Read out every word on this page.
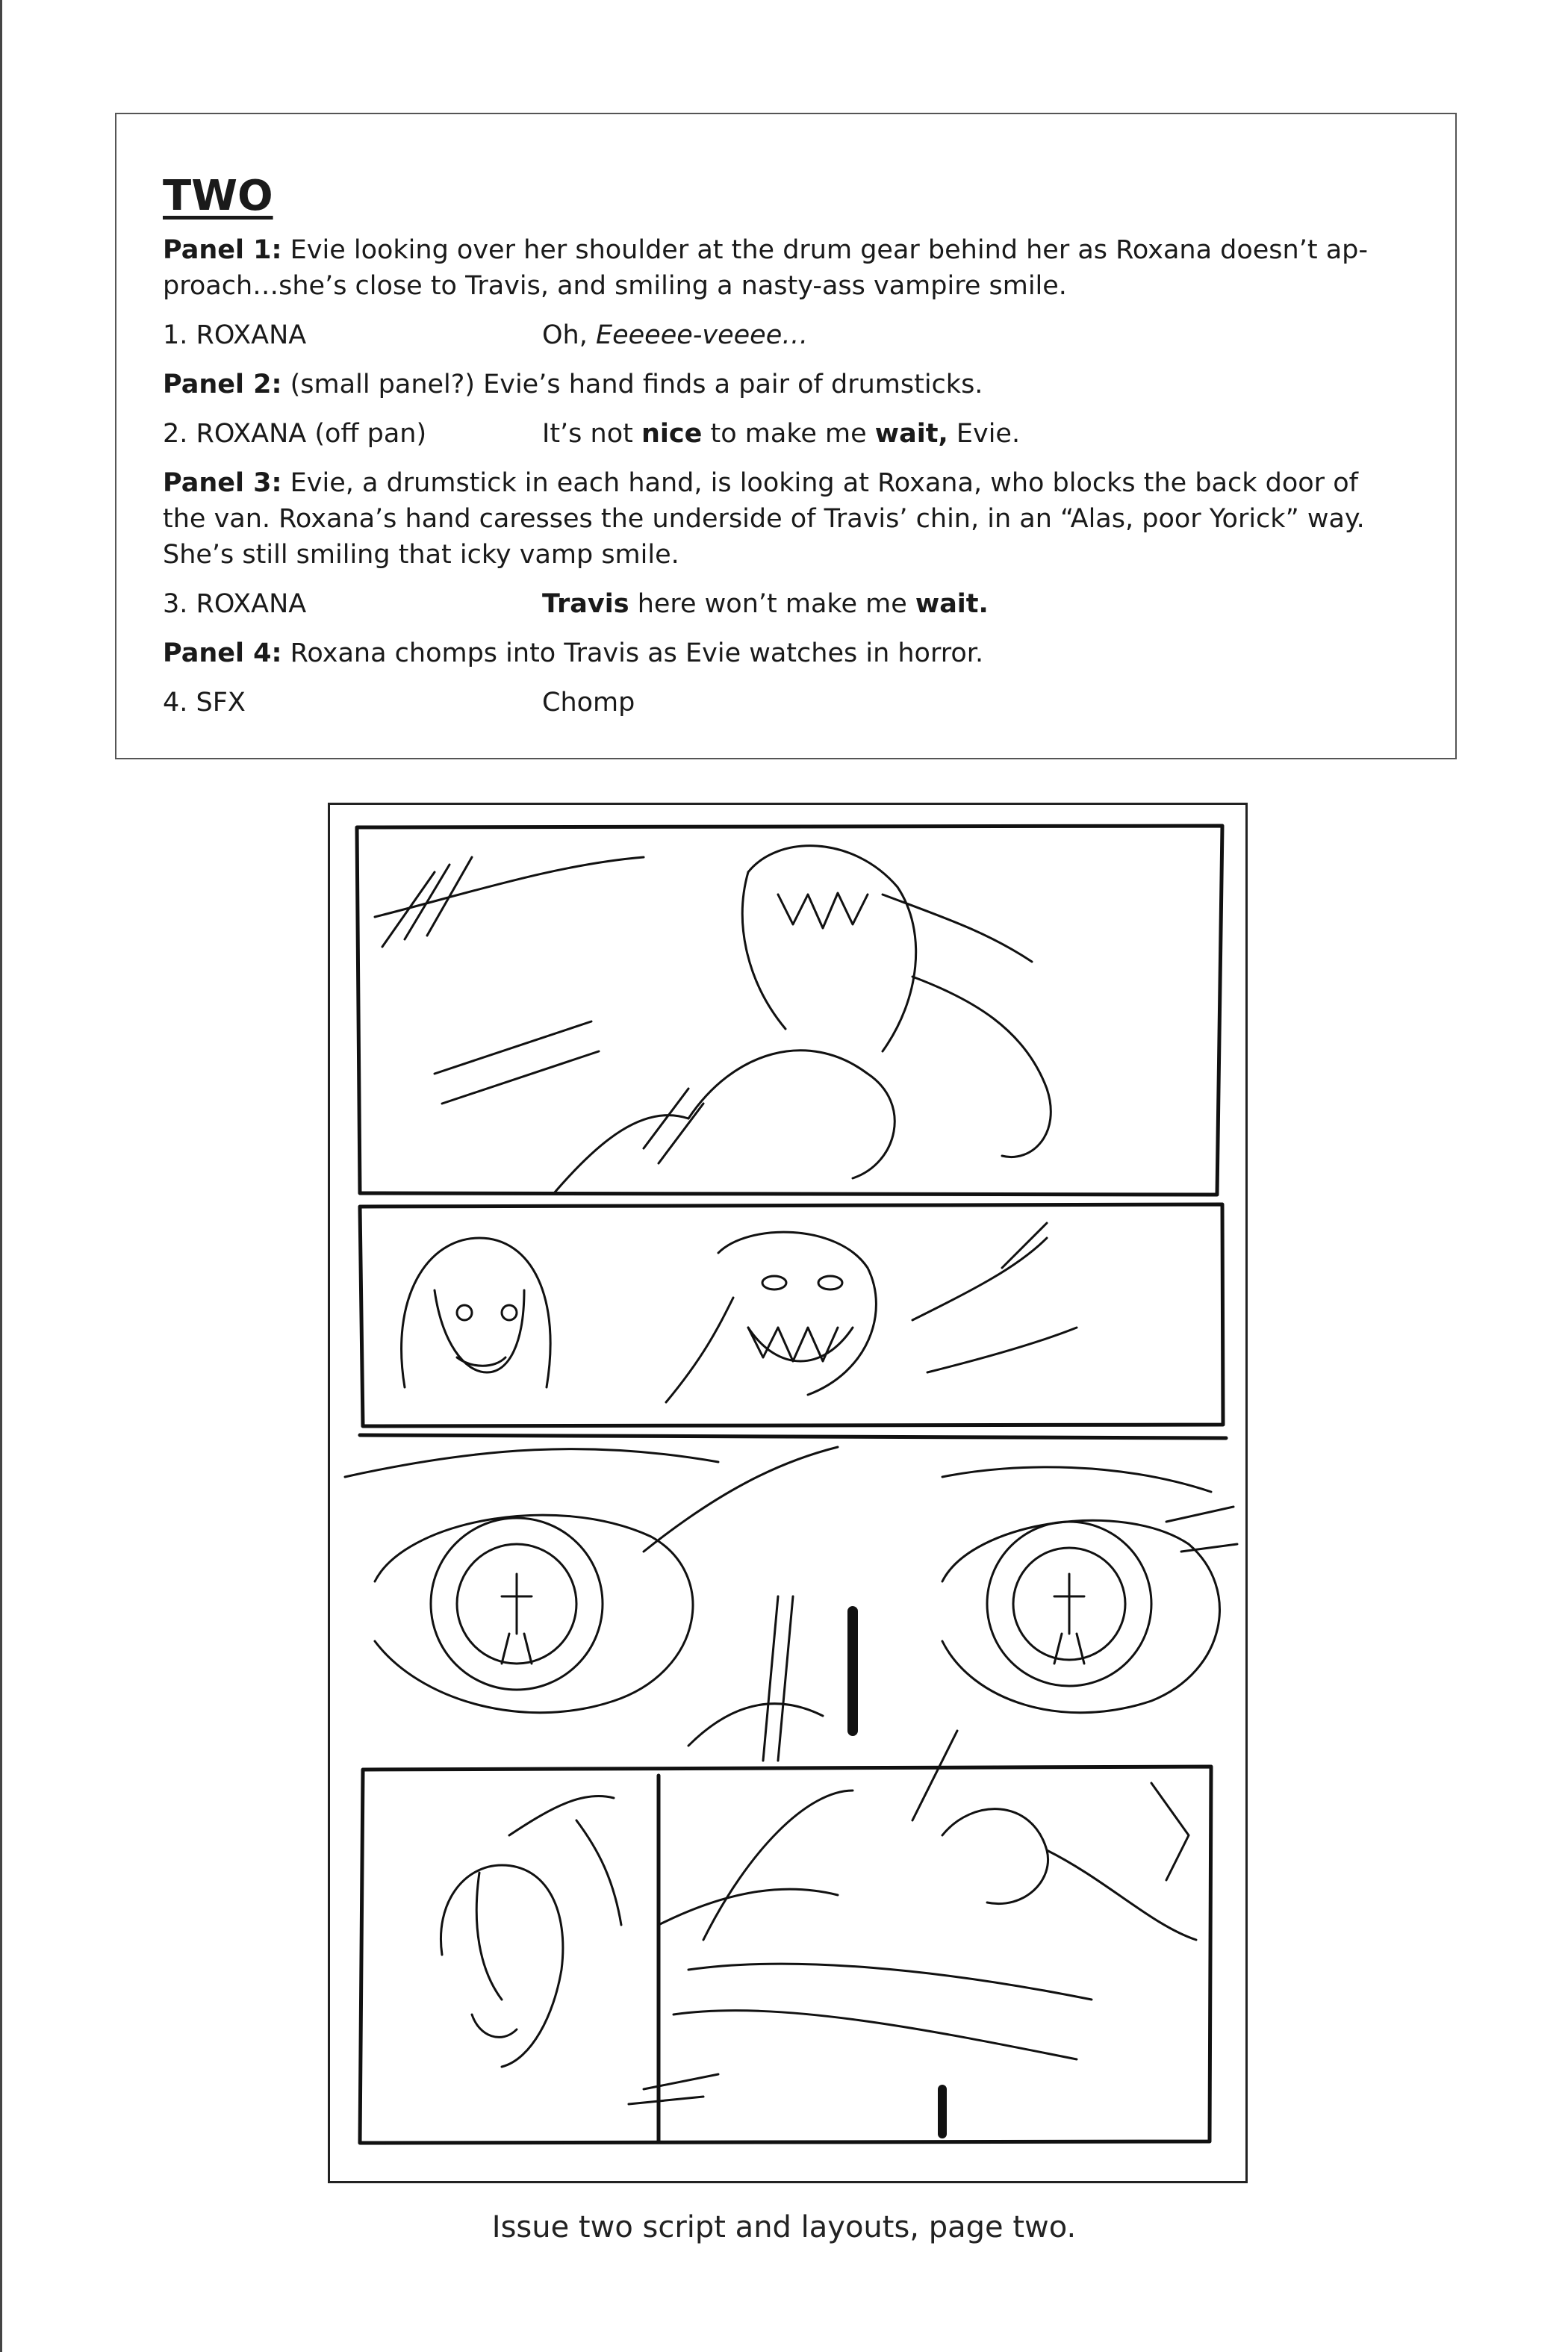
TWO

Panel 1: Evie looking over her shoulder at the drum gear behind her as Roxana doesn’t ap-proach…she’s close to Travis, and smiling a nasty-ass vampire smile.

1. ROXANA	Oh, Eeeeee-veeee…

Panel 2: (small panel?) Evie’s hand finds a pair of drumsticks.

2. ROXANA (off pan)	It’s not nice to make me wait, Evie.

Panel 3: Evie, a drumstick in each hand, is looking at Roxana, who blocks the back door of the van. Roxana’s hand caresses the underside of Travis’ chin, in an “Alas, poor Yorick” way. She’s still smiling that icky vamp smile.

3. ROXANA	Travis here won’t make me wait.

Panel 4: Roxana chomps into Travis as Evie watches in horror.

4. SFX	Chomp
Issue two script and layouts, page two.
